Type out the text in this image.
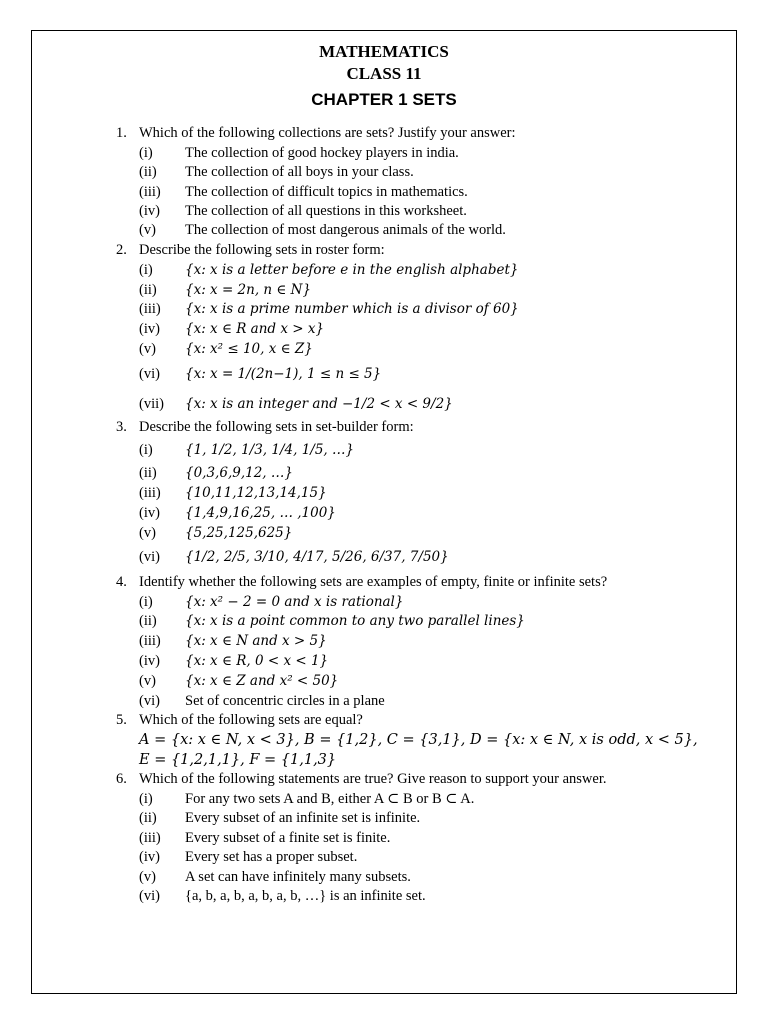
MATHEMATICS
CLASS 11
CHAPTER 1 SETS
1. Which of the following collections are sets? Justify your answer:
(i) The collection of good hockey players in india.
(ii) The collection of all boys in your class.
(iii) The collection of difficult topics in mathematics.
(iv) The collection of all questions in this worksheet.
(v) The collection of most dangerous animals of the world.
2. Describe the following sets in roster form:
(i) {x: x is a letter before e in the english alphabet}
(ii) {x: x = 2n, n ∈ N}
(iii) {x: x is a prime number which is a divisor of 60}
(iv) {x: x ∈ R and x > x}
(v) {x: x² ≤ 10, x ∈ Z}
(vi) {x: x = 1/(2n−1), 1 ≤ n ≤ 5}
(vii) {x: x is an integer and −1/2 < x < 9/2}
3. Describe the following sets in set-builder form:
(i) {1, 1/2, 1/3, 1/4, 1/5, …}
(ii) {0,3,6,9,12, …}
(iii) {10,11,12,13,14,15}
(iv) {1,4,9,16,25, … ,100}
(v) {5,25,125,625}
(vi) {1/2, 2/5, 3/10, 4/17, 5/26, 6/37, 7/50}
4. Identify whether the following sets are examples of empty, finite or infinite sets?
(i) {x: x² − 2 = 0 and x is rational}
(ii) {x: x is a point common to any two parallel lines}
(iii) {x: x ∈ N and x > 5}
(iv) {x: x ∈ R, 0 < x < 1}
(v) {x: x ∈ Z and x² < 50}
(vi) Set of concentric circles in a plane
5. Which of the following sets are equal?
A = {x: x ∈ N, x < 3}, B = {1,2}, C = {3,1}, D = {x: x ∈ N, x is odd, x < 5},
E = {1,2,1,1}, F = {1,1,3}
6. Which of the following statements are true? Give reason to support your answer.
(i) For any two sets A and B, either A ⊂ B or B ⊂ A.
(ii) Every subset of an infinite set is infinite.
(iii) Every subset of a finite set is finite.
(iv) Every set has a proper subset.
(v) A set can have infinitely many subsets.
(vi) {a, b, a, b, a, b, a, b, …} is an infinite set.
